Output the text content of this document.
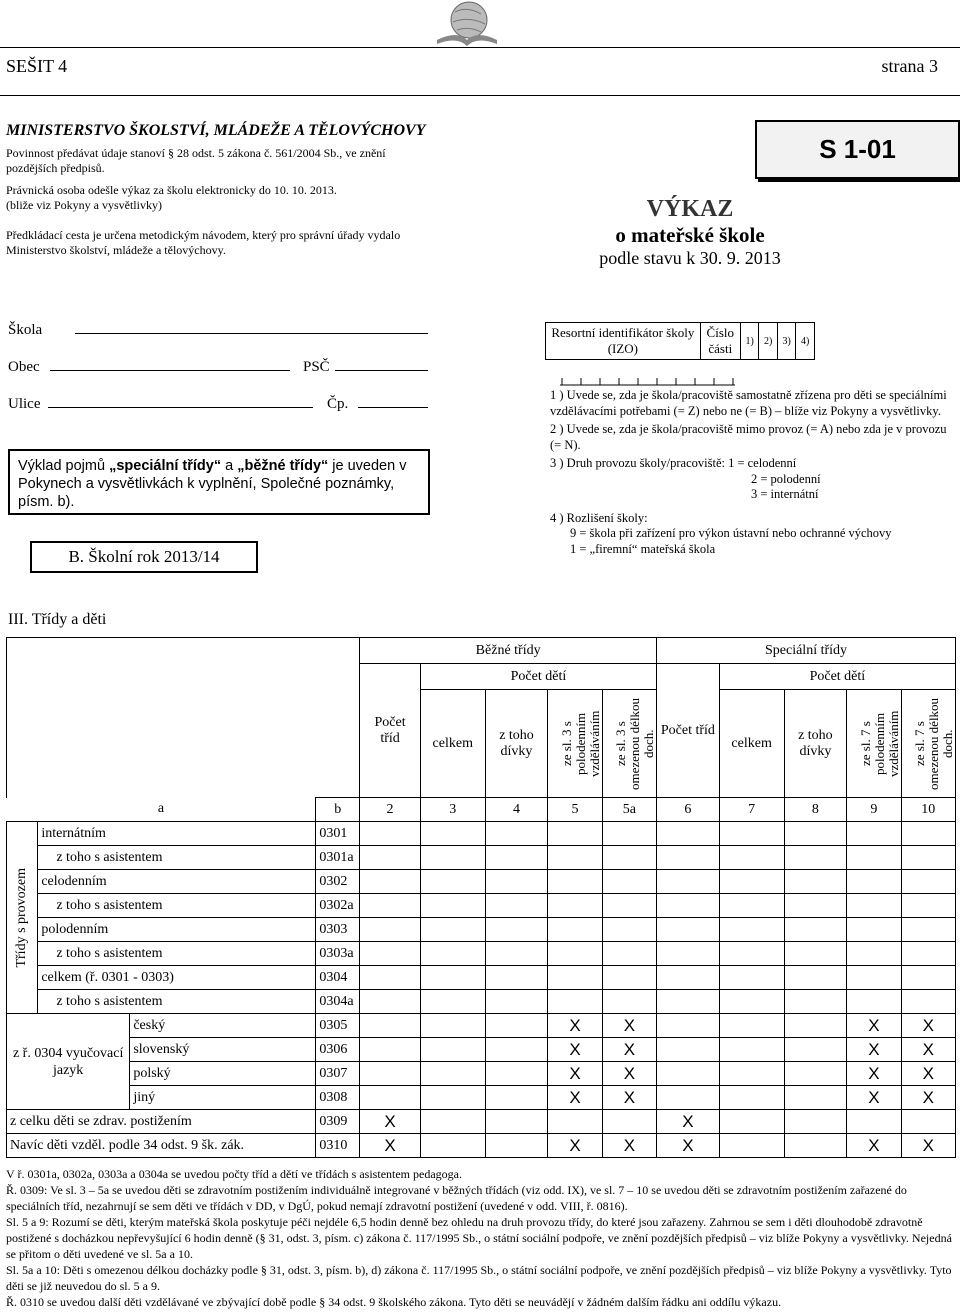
SEŠIT 4	strana 3
MINISTERSTVO ŠKOLSTVÍ, MLÁDEŽE A TĚLOVÝCHOVY
Povinnost předávat údaje stanoví § 28 odst. 5 zákona č. 561/2004 Sb., ve znění
pozdějších předpisů.
Právnická osoba odešle výkaz za školu elektronicky do 10. 10. 2013.
(bliže viz Pokyny a vysvětlivky)
Předkládací cesta je určena metodickým návodem, který pro správní úřady vydalo
Ministerstvo školství, mládeže a tělovýchovy.
S 1-01
VÝKAZ
o mateřské škole
podle stavu k 30. 9. 2013
Škola
Obec	PSČ
Ulice	Čp.
Výklad pojmů „speciální třídy“ a „běžné třídy“ je uveden v Pokynech a vysvětlivkách k vyplnění, Společné poznámky, písm. b).
B. Školní rok 2013/14
Resortní identifikátor školy (IZO)	Číslo části	1)	2)	3)	4)
1 ) Uvede se, zda je škola/pracoviště samostatně zřízena pro děti se speciálními vzdělávacími potřebami (= Z) nebo ne (= B) – blíže viz Pokyny a vysvětlivky.
2 ) Uvede se, zda je škola/pracoviště mimo provoz (= A) nebo zda je v provozu (= N).
3 ) Druh provozu školy/pracoviště: 1 = celodenní
2 = polodenní
3 = internátní
4 ) Rozlišení školy:
9 = škola při zařízení pro výkon ústavní nebo ochranné výchovy
1 = „firemní“ mateřská škola
III. Třídy a děti
				Běžné třídy					Speciální třídy				
				Počet tříd	Počet dětí				Počet tříd	Počet dětí			
					celkem	z toho dívky	ze sl. 3 s polodenním vzděláváním	ze sl. 3 s omezenou délkou doch.		celkem	z toho dívky	ze sl. 7 s polodenním vzděláváním	ze sl. 7 s omezenou délkou doch.

a			b	2	3	4	5	5a	6	7	8	9	10

Třídy s provozem	internátním		0301										
	z toho s asistentem		0301a										
	celodenním		0302										
	z toho s asistentem		0302a										
	polodenním		0303										
	z toho s asistentem		0303a										
	celkem (ř. 0301 - 0303)		0304										
	z toho s asistentem		0304a										
z ř. 0304 vyučovací jazyk		český	0305				X	X				X	X
		slovenský	0306				X	X				X	X
		polský	0307				X	X				X	X
		jiný	0308				X	X				X	X
z celku děti se zdrav. postižením			0309	X					X				
Navíc děti vzděl. podle 34 odst. 9 šk. zák.			0310	X			X	X	X			X	X
V ř. 0301a, 0302a, 0303a a 0304a se uvedou počty tříd a dětí ve třídách s asistentem pedagoga.
Ř. 0309: Ve sl. 3 – 5a se uvedou děti se zdravotním postižením individuálně integrované v běžných třídách (viz odd. IX), ve sl. 7 – 10 se uvedou děti se zdravotním postižením zařazené do speciálních tříd, nezahrnují se sem děti ve třídách v DD, v DgÚ, pokud nemají zdravotní postižení (uvedené v odd. VIII, ř. 0816).
Sl. 5 a 9: Rozumí se děti, kterým mateřská škola poskytuje péči nejdéle 6,5 hodin denně bez ohledu na druh provozu třídy, do které jsou zařazeny. Zahrnou se sem i děti dlouhodobě zdravotně postižené s docházkou nepřevyšující 6 hodin denně (§ 31, odst. 3, písm. c) zákona č. 117/1995 Sb., o státní sociální podpoře, ve znění pozdějších předpisů – viz blíže Pokyny a vysvětlivky. Nejedná se přitom o děti uvedené ve sl. 5a a 10.
Sl. 5a a 10: Děti s omezenou délkou docházky podle § 31, odst. 3, písm. b), d) zákona č. 117/1995 Sb., o státní sociální podpoře, ve znění pozdějších předpisů – viz blíže Pokyny a vysvětlivky. Tyto děti se již neuvedou do sl. 5 a 9.
Ř. 0310 se uvedou další děti vzdělávané ve zbývající době podle § 34 odst. 9 školského zákona. Tyto děti se neuvádějí v žádném dalším řádku ani oddílu výkazu.
